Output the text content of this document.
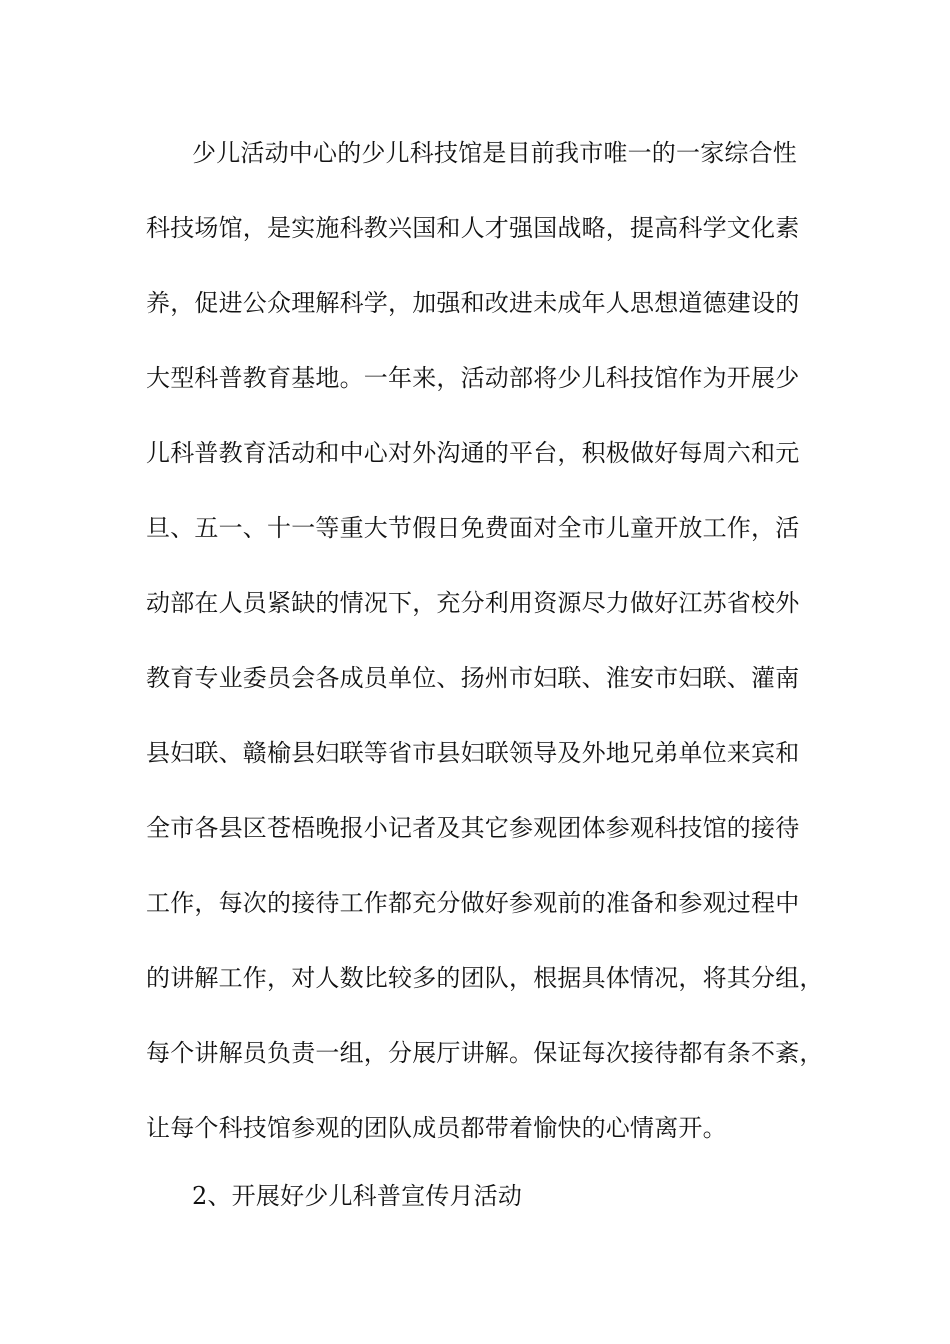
少儿活动中心的少儿科技馆是目前我市唯一的一家综合性
科技场馆，是实施科教兴国和人才强国战略，提高科学文化素
养，促进公众理解科学，加强和改进未成年人思想道德建设的
大型科普教育基地。一年来，活动部将少儿科技馆作为开展少
儿科普教育活动和中心对外沟通的平台，积极做好每周六和元
旦、五一、十一等重大节假日免费面对全市儿童开放工作，活
动部在人员紧缺的情况下，充分利用资源尽力做好江苏省校外
教育专业委员会各成员单位、扬州市妇联、淮安市妇联、灌南
县妇联、赣榆县妇联等省市县妇联领导及外地兄弟单位来宾和
全市各县区苍梧晚报小记者及其它参观团体参观科技馆的接待
工作，每次的接待工作都充分做好参观前的准备和参观过程中
的讲解工作，对人数比较多的团队，根据具体情况，将其分组，
每个讲解员负责一组，分展厅讲解。保证每次接待都有条不紊，
让每个科技馆参观的团队成员都带着愉快的心情离开。
2、开展好少儿科普宣传月活动
